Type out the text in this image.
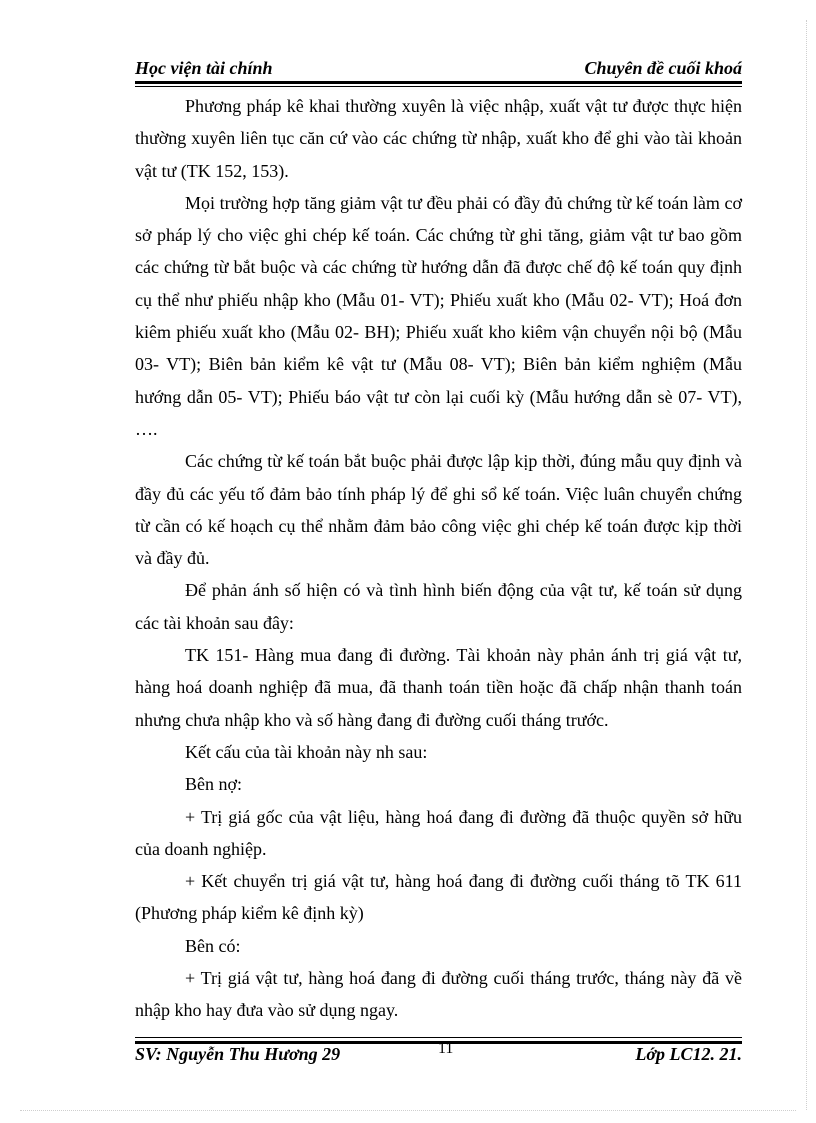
Học viện tài chính	Chuyên đề cuối khoá

Phương pháp kê khai thường xuyên là việc nhập, xuất vật tư được thực hiện thường xuyên liên tục căn cứ vào các chứng từ nhập, xuất kho để ghi vào tài khoản vật tư (TK 152, 153).

Mọi trường hợp tăng giảm vật tư đều phải có đầy đủ chứng từ kế toán làm cơ sở pháp lý cho việc ghi chép kế toán. Các chứng từ ghi tăng, giảm vật tư bao gồm các chứng từ bắt buộc và các chứng từ hướng dẫn đã được chế độ kế toán quy định cụ thể như phiếu nhập kho (Mẫu 01- VT); Phiếu xuất kho (Mẫu 02- VT); Hoá đơn kiêm phiếu xuất kho (Mẫu 02- BH); Phiếu xuất kho kiêm vận chuyển nội bộ (Mẫu 03- VT); Biên bản kiểm kê vật tư (Mẫu 08- VT); Biên bản kiểm nghiệm (Mẫu hướng dẫn 05- VT); Phiếu báo vật tư còn lại cuối kỳ (Mẫu hướng dẫn sè 07- VT), ….

Các chứng từ kế toán bắt buộc phải được lập kịp thời, đúng mẫu quy định và đầy đủ các yếu tố đảm bảo tính pháp lý để ghi sổ kế toán. Việc luân chuyển chứng từ cần có kế hoạch cụ thể nhằm đảm bảo công việc ghi chép kế toán được kịp thời và đầy đủ.

Để phản ánh số hiện có và tình hình biến động của vật tư, kế toán sử dụng các tài khoản sau đây:

TK 151- Hàng mua đang đi đường. Tài khoản này phản ánh trị giá vật tư, hàng hoá doanh nghiệp đã mua, đã thanh toán tiền hoặc đã chấp nhận thanh toán nhưng chưa nhập kho và số hàng đang đi đường cuối tháng trước.

Kết cấu của tài khoản này nh sau:

Bên nợ:

+ Trị giá gốc của vật liệu, hàng hoá đang đi đường đã thuộc quyền sở hữu của doanh nghiệp.

+ Kết chuyển trị giá vật tư, hàng hoá đang đi đường cuối tháng tõ TK 611 (Phương pháp kiểm kê định kỳ)

Bên có:

+ Trị giá vật tư, hàng hoá đang đi đường cuối tháng trước, tháng này đã về nhập kho hay đưa vào sử dụng ngay.

SV: Nguyễn Thu Hương 29	11	Lớp LC12. 21.
